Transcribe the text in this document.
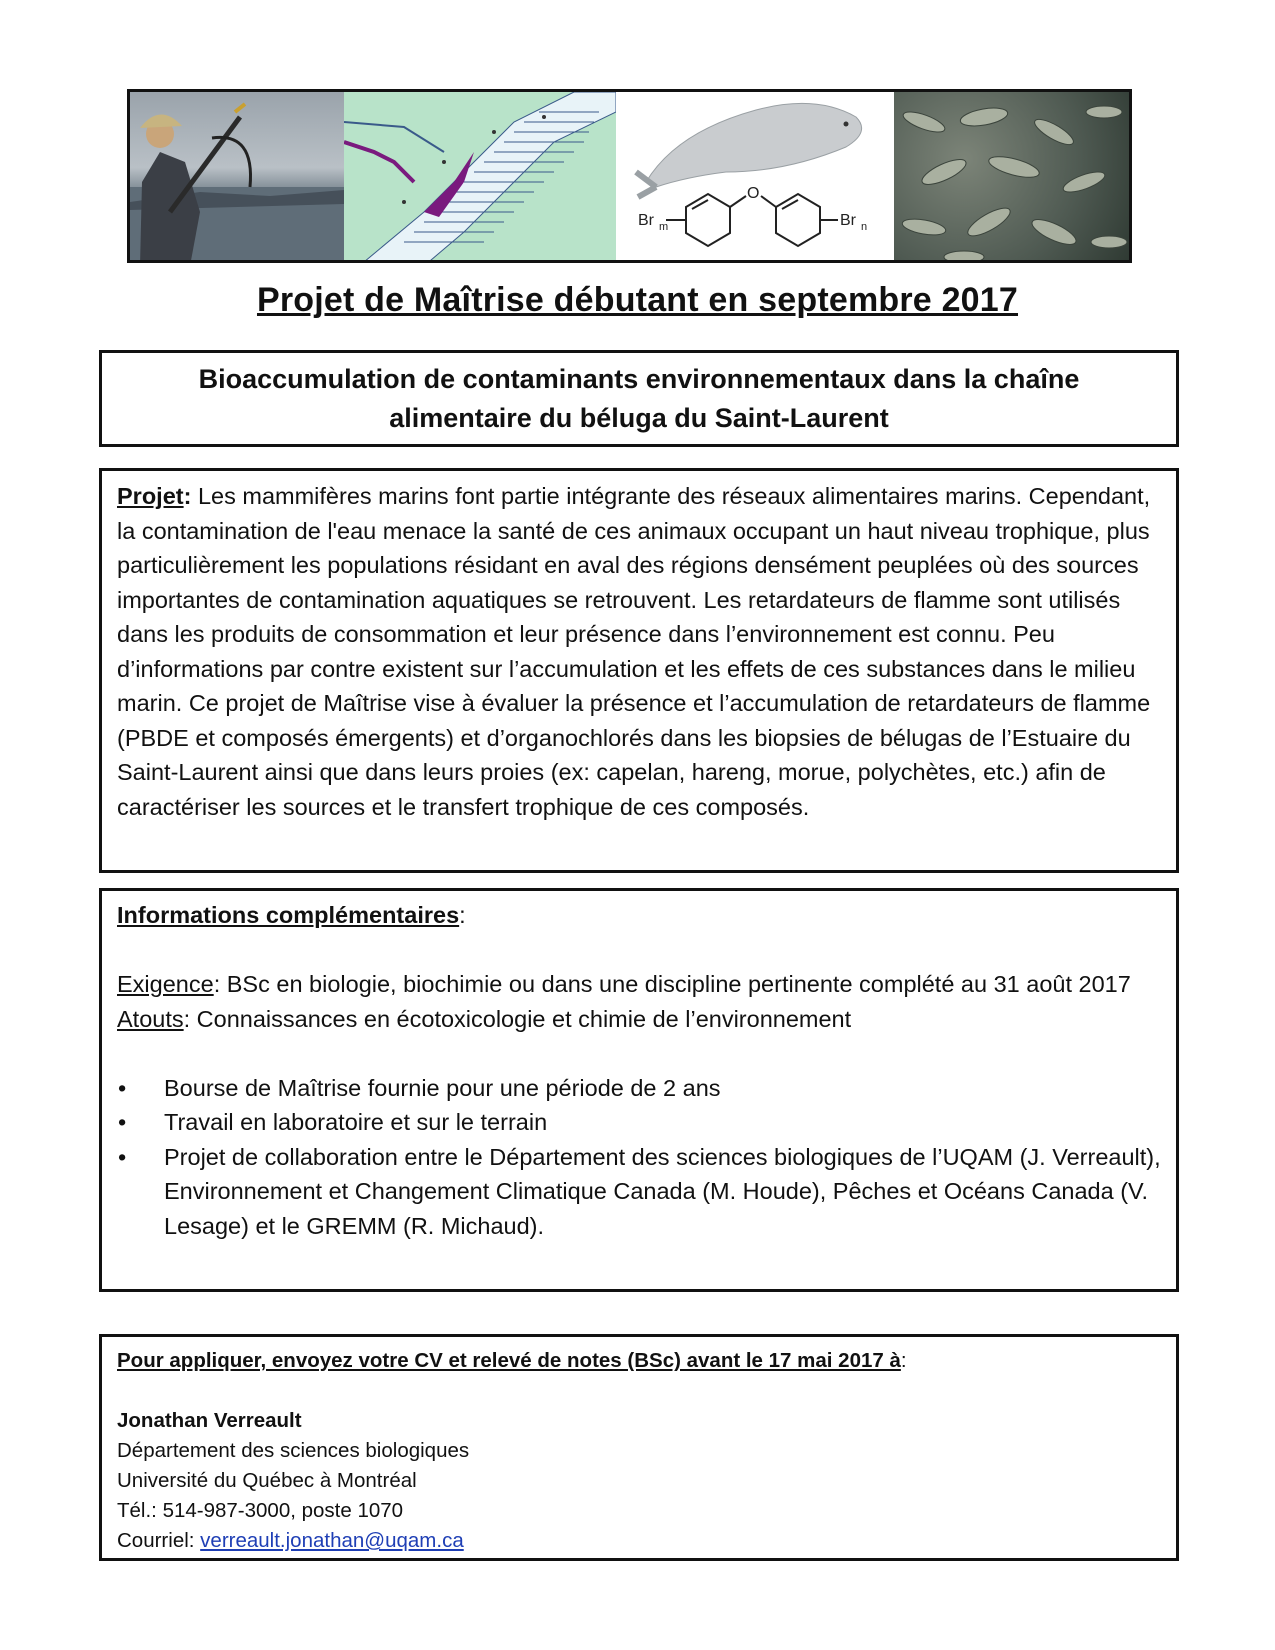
O
Br m	Br n
Projet de Maîtrise débutant en septembre 2017
Bioaccumulation de contaminants environnementaux dans la chaîne alimentaire du béluga du Saint-Laurent

Projet: Les mammifères marins font partie intégrante des réseaux alimentaires marins. Cependant, la contamination de l'eau menace la santé de ces animaux occupant un haut niveau trophique, plus particulièrement les populations résidant en aval des régions densément peuplées où des sources importantes de contamination aquatiques se retrouvent. Les retardateurs de flamme sont utilisés dans les produits de consommation et leur présence dans l’environnement est connu. Peu d’informations par contre existent sur l’accumulation et les effets de ces substances dans le milieu marin. Ce projet de Maîtrise vise à évaluer la présence et l’accumulation de retardateurs de flamme (PBDE et composés émergents) et d’organochlorés dans les biopsies de bélugas de l’Estuaire du Saint-Laurent ainsi que dans leurs proies (ex: capelan, hareng, morue, polychètes, etc.) afin de caractériser les sources et le transfert trophique de ces composés.

Informations complémentaires:
Exigence: BSc en biologie, biochimie ou dans une discipline pertinente complété au 31 août 2017
Atouts: Connaissances en écotoxicologie et chimie de l’environnement
• Bourse de Maîtrise fournie pour une période de 2 ans
• Travail en laboratoire et sur le terrain
• Projet de collaboration entre le Département des sciences biologiques de l’UQAM (J. Verreault), Environnement et Changement Climatique Canada (M. Houde), Pêches et Océans Canada (V. Lesage) et le GREMM (R. Michaud).
Pour appliquer, envoyez votre CV et relevé de notes (BSc) avant le 17 mai 2017 à:
Jonathan Verreault
Département des sciences biologiques
Université du Québec à Montréal
Tél.: 514-987-3000, poste 1070
Courriel: verreault.jonathan@uqam.ca
